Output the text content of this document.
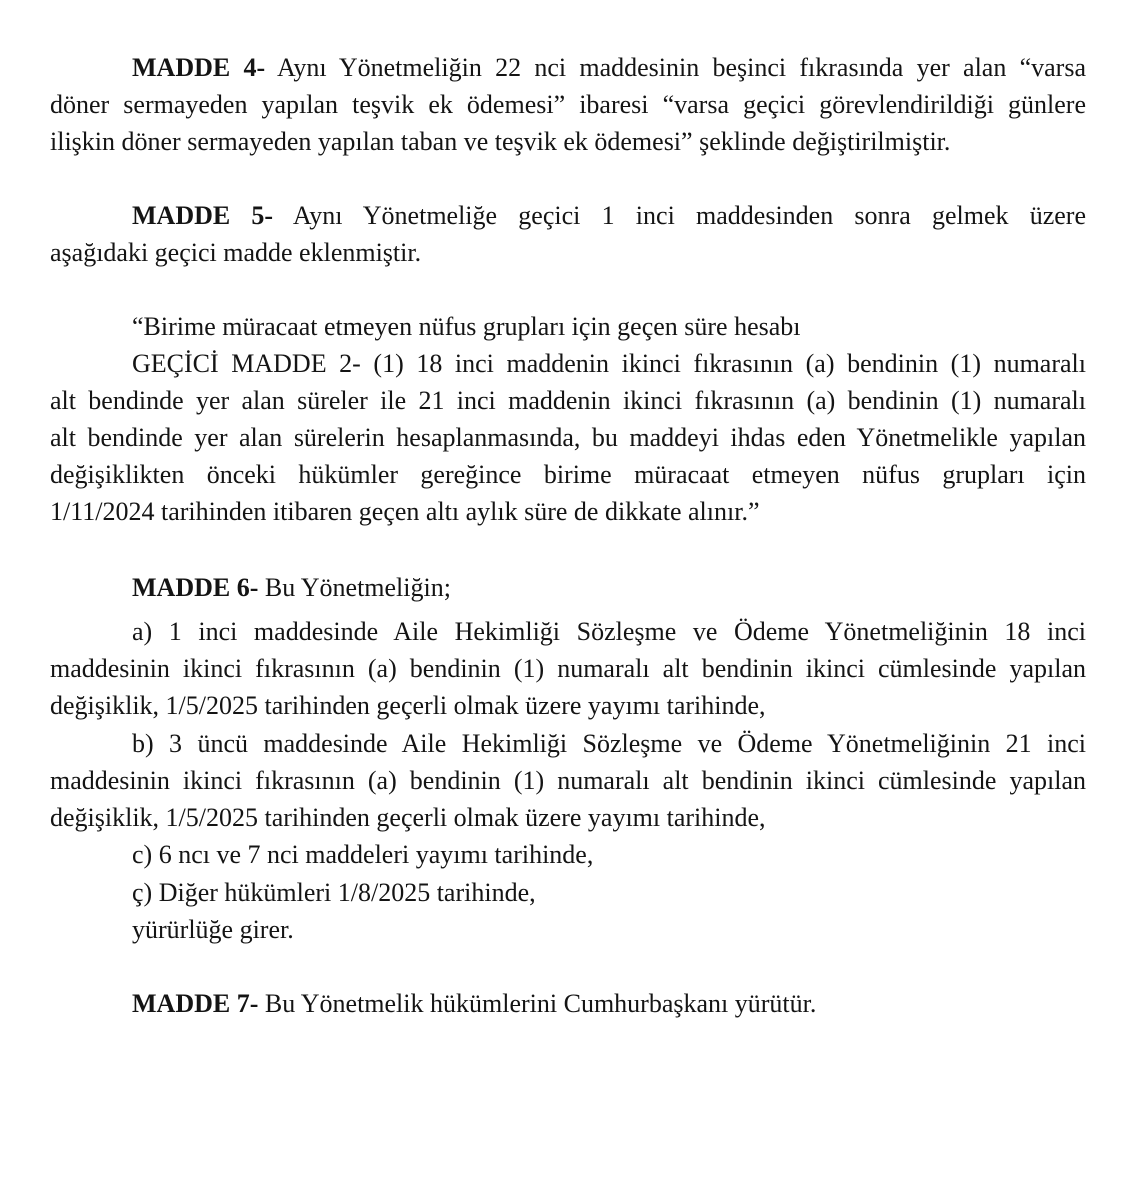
MADDE 4- Aynı Yönetmeliğin 22 nci maddesinin beşinci fıkrasında yer alan “varsa
döner sermayeden yapılan teşvik ek ödemesi” ibaresi “varsa geçici görevlendirildiği günlere
ilişkin döner sermayeden yapılan taban ve teşvik ek ödemesi” şeklinde değiştirilmiştir.
MADDE 5- Aynı Yönetmeliğe geçici 1 inci maddesinden sonra gelmek üzere
aşağıdaki geçici madde eklenmiştir.
“Birime müracaat etmeyen nüfus grupları için geçen süre hesabı
GEÇİCİ MADDE 2- (1) 18 inci maddenin ikinci fıkrasının (a) bendinin (1) numaralı
alt bendinde yer alan süreler ile 21 inci maddenin ikinci fıkrasının (a) bendinin (1) numaralı
alt bendinde yer alan sürelerin hesaplanmasında, bu maddeyi ihdas eden Yönetmelikle yapılan
değişiklikten önceki hükümler gereğince birime müracaat etmeyen nüfus grupları için
1/11/2024 tarihinden itibaren geçen altı aylık süre de dikkate alınır.”
MADDE 6- Bu Yönetmeliğin;
a) 1 inci maddesinde Aile Hekimliği Sözleşme ve Ödeme Yönetmeliğinin 18 inci
maddesinin ikinci fıkrasının (a) bendinin (1) numaralı alt bendinin ikinci cümlesinde yapılan
değişiklik, 1/5/2025 tarihinden geçerli olmak üzere yayımı tarihinde,
b) 3 üncü maddesinde Aile Hekimliği Sözleşme ve Ödeme Yönetmeliğinin 21 inci
maddesinin ikinci fıkrasının (a) bendinin (1) numaralı alt bendinin ikinci cümlesinde yapılan
değişiklik, 1/5/2025 tarihinden geçerli olmak üzere yayımı tarihinde,
c) 6 ncı ve 7 nci maddeleri yayımı tarihinde,
ç) Diğer hükümleri 1/8/2025 tarihinde,
yürürlüğe girer.
MADDE 7- Bu Yönetmelik hükümlerini Cumhurbaşkanı yürütür.
